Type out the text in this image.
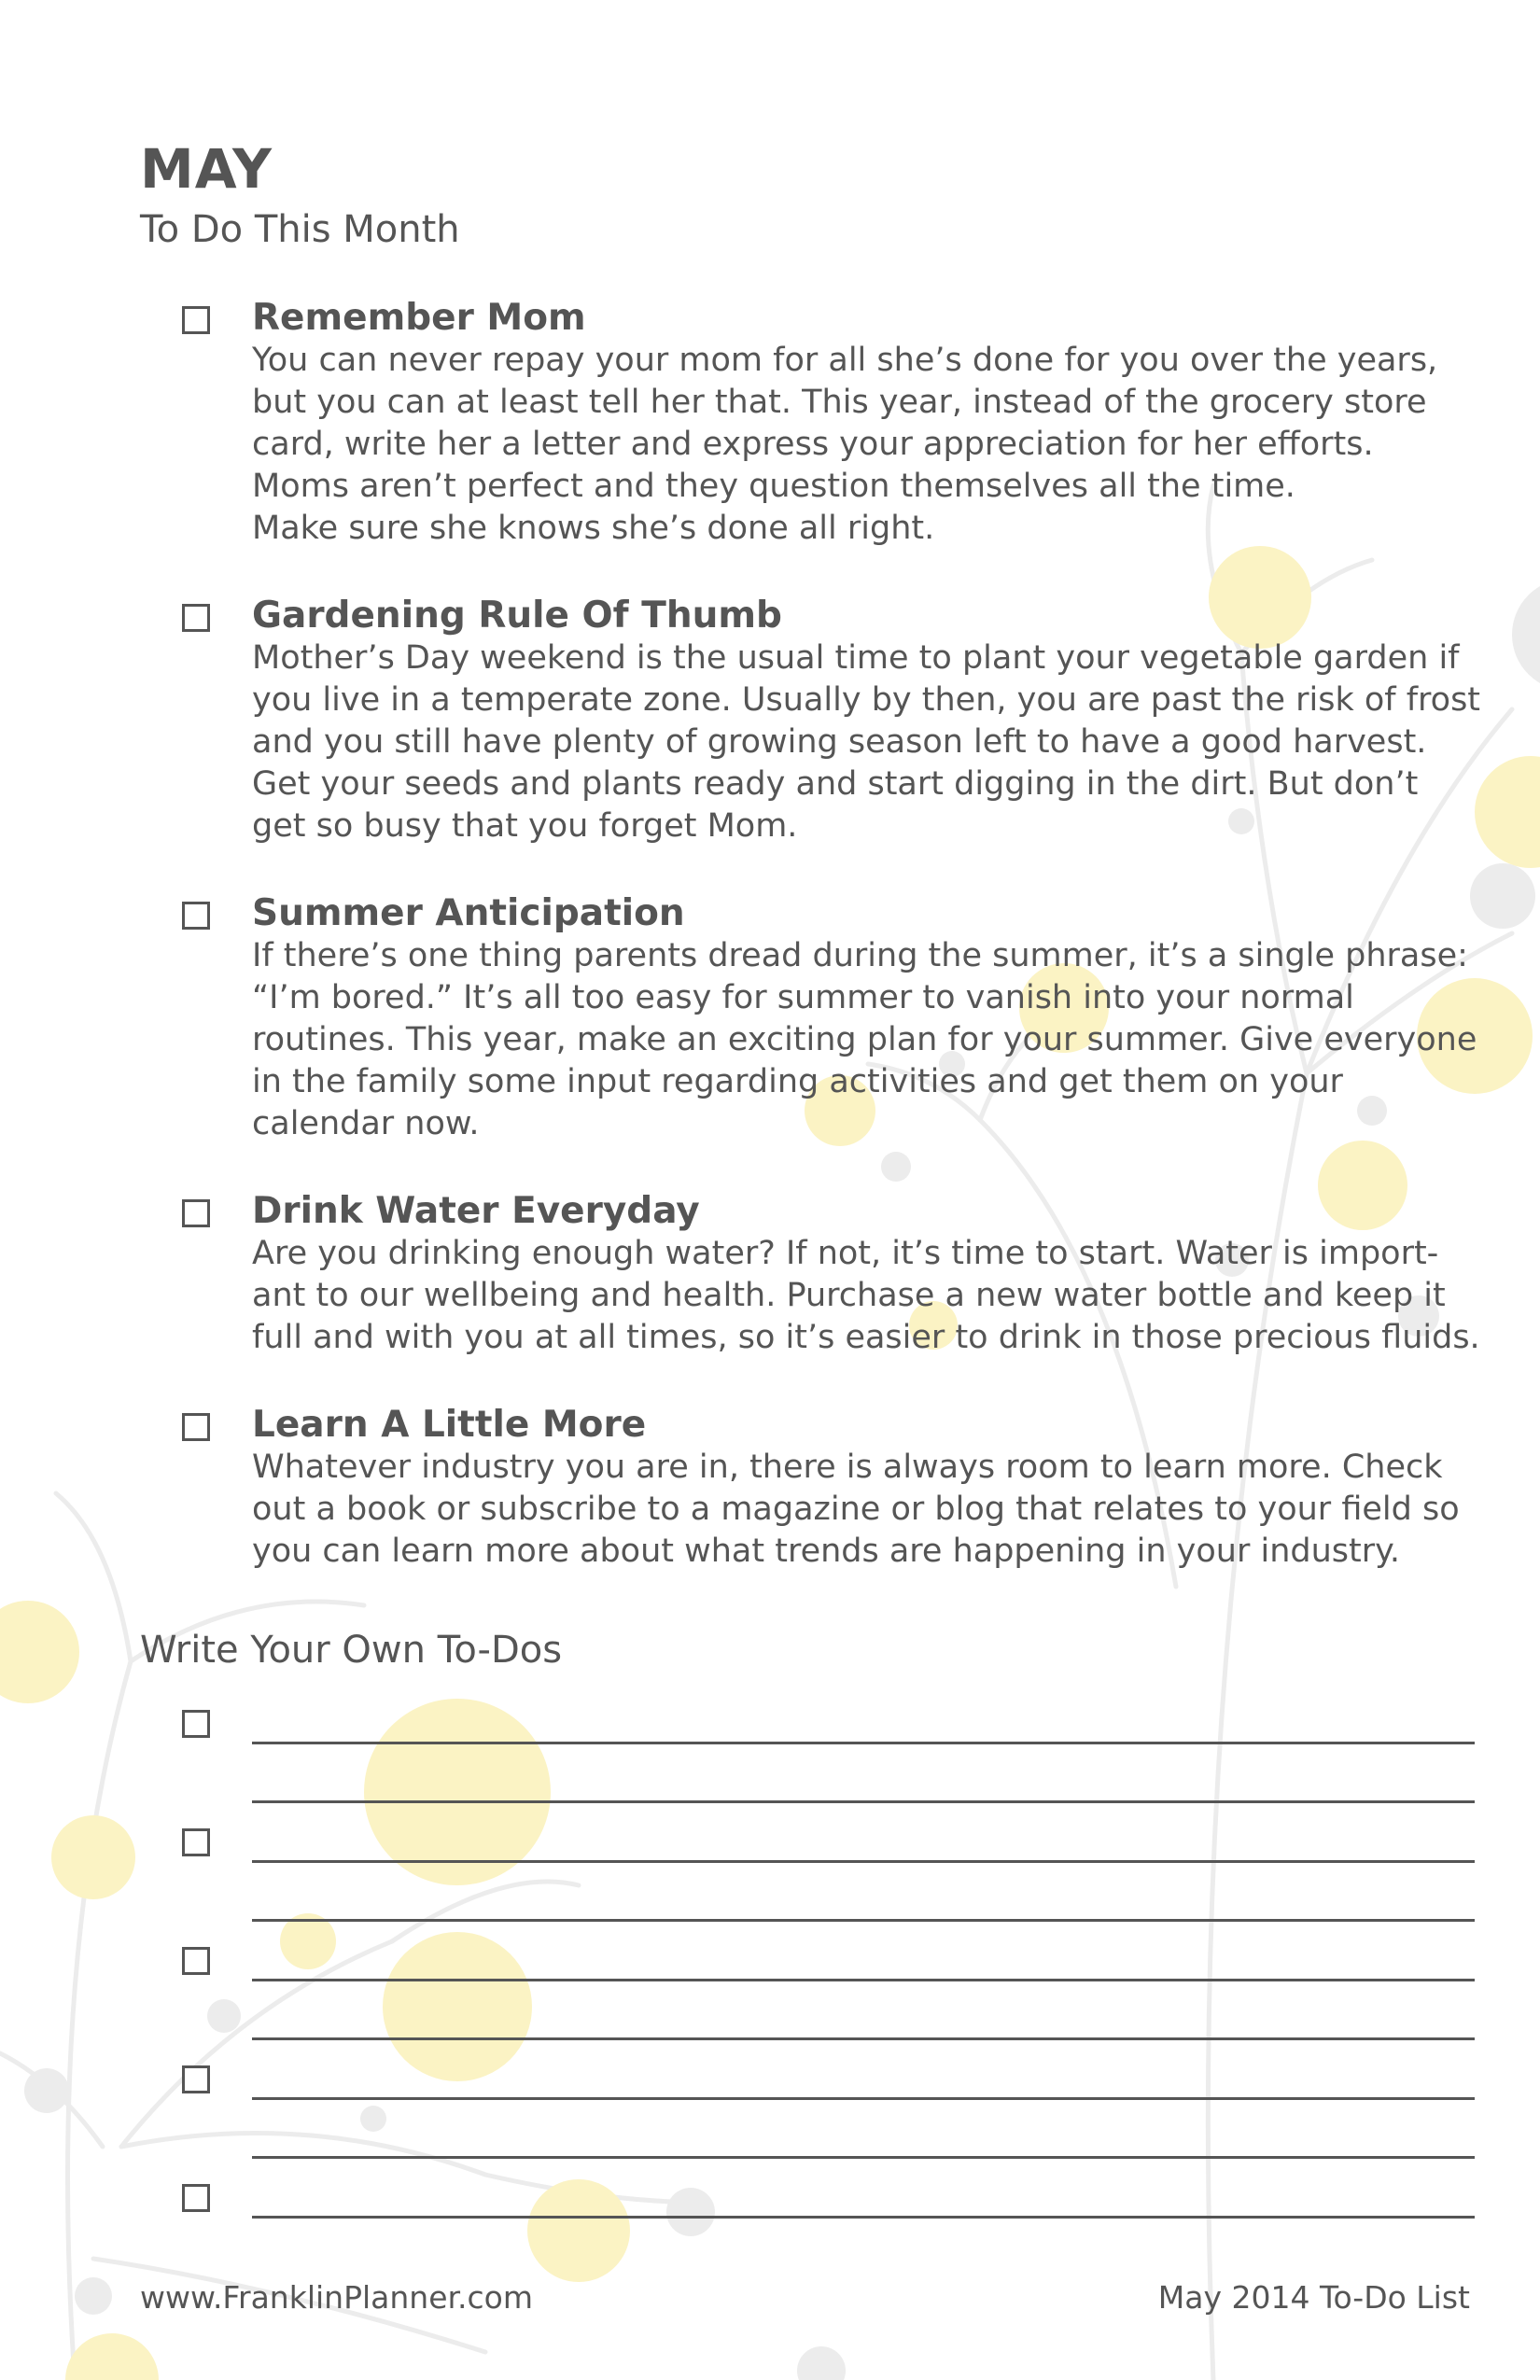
MAY

To Do This Month

Remember Mom

You can never repay your mom for all she’s done for you over the years,
but you can at least tell her that. This year, instead of the grocery store
card, write her a letter and express your appreciation for her efforts.
Moms aren’t perfect and they question themselves all the time.
Make sure she knows she’s done all right.

Gardening Rule Of Thumb

Mother’s Day weekend is the usual time to plant your vegetable garden if
you live in a temperate zone. Usually by then, you are past the risk of frost
and you still have plenty of growing season left to have a good harvest.
Get your seeds and plants ready and start digging in the dirt. But don’t
get so busy that you forget Mom.

Summer Anticipation

If there’s one thing parents dread during the summer, it’s a single phrase:
“I’m bored.” It’s all too easy for summer to vanish into your normal
routines. This year, make an exciting plan for your summer. Give everyone
in the family some input regarding activities and get them on your
calendar now.

Drink Water Everyday

Are you drinking enough water? If not, it’s time to start. Water is import-
ant to our wellbeing and health. Purchase a new water bottle and keep it
full and with you at all times, so it’s easier to drink in those precious fluids.

Learn A Little More

Whatever industry you are in, there is always room to learn more. Check
out a book or subscribe to a magazine or blog that relates to your field so
you can learn more about what trends are happening in your industry.

Write Your Own To-Dos

www.FranklinPlanner.com	May 2014 To-Do List
